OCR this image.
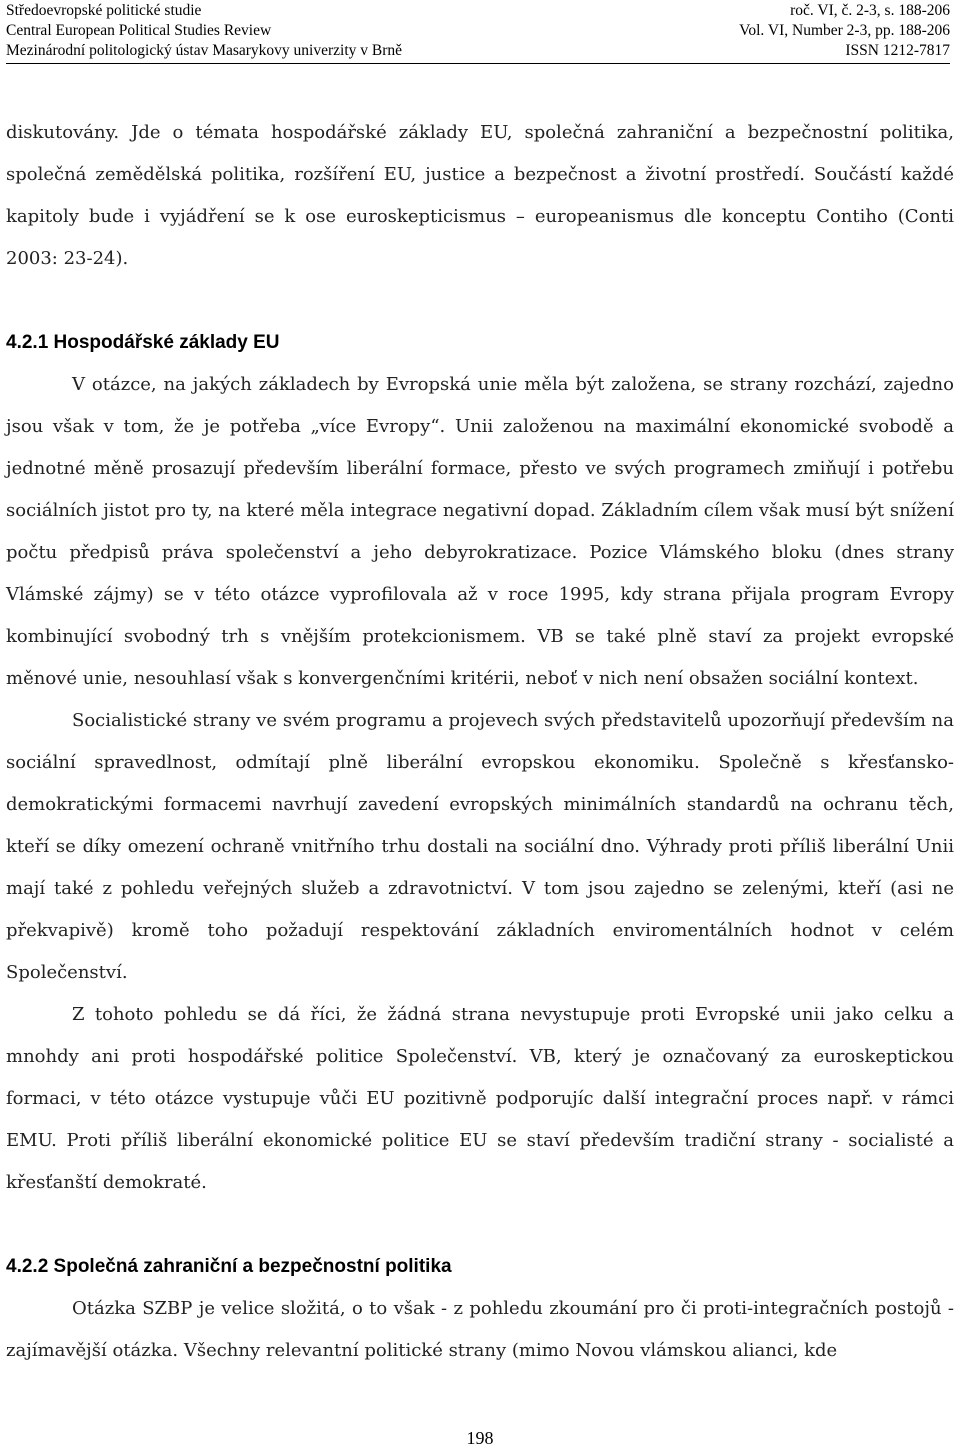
Středoevropské politické studie
Central European Political Studies Review
Mezinárodní politologický ústav Masarykovy univerzity v Brně
roč. VI, č. 2-3, s. 188-206
Vol. VI, Number 2-3, pp. 188-206
ISSN 1212-7817

diskutovány. Jde o témata hospodářské základy EU, společná zahraniční a bezpečnostní politika, společná zemědělská politika, rozšíření EU, justice a bezpečnost a životní prostředí. Součástí každé kapitoly bude i vyjádření se k ose euroskepticismus – europeanismus dle konceptu Contiho (Conti 2003: 23-24).

4.2.1 Hospodářské základy EU

V otázce, na jakých základech by Evropská unie měla být založena, se strany rozchází, zajedno jsou však v tom, že je potřeba „více Evropy“. Unii založenou na maximální ekonomické svobodě a jednotné měně prosazují především liberální formace, přesto ve svých programech zmiňují i potřebu sociálních jistot pro ty, na které měla integrace negativní dopad. Základním cílem však musí být snížení počtu předpisů práva společenství a jeho debyrokratizace. Pozice Vlámského bloku (dnes strany Vlámské zájmy) se v této otázce vyprofilovala až v roce 1995, kdy strana přijala program Evropy kombinující svobodný trh s vnějším protekcionismem. VB se také plně staví za projekt evropské měnové unie, nesouhlasí však s konvergenčními kritérii, neboť v nich není obsažen sociální kontext.

Socialistické strany ve svém programu a projevech svých představitelů upozorňují především na sociální spravedlnost, odmítají plně liberální evropskou ekonomiku. Společně s křesťansko-demokratickými formacemi navrhují zavedení evropských minimálních standardů na ochranu těch, kteří se díky omezení ochraně vnitřního trhu dostali na sociální dno. Výhrady proti příliš liberální Unii mají také z pohledu veřejných služeb a zdravotnictví. V tom jsou zajedno se zelenými, kteří (asi ne překvapivě) kromě toho požadují respektování základních enviromentálních hodnot v celém Společenství.

Z tohoto pohledu se dá říci, že žádná strana nevystupuje proti Evropské unii jako celku a mnohdy ani proti hospodářské politice Společenství. VB, který je označovaný za euroskeptickou formaci, v této otázce vystupuje vůči EU pozitivně podporujíc další integrační proces např. v rámci EMU. Proti příliš liberální ekonomické politice EU se staví především tradiční strany - socialisté a křesťanští demokraté.

4.2.2 Společná zahraniční a bezpečnostní politika

Otázka SZBP je velice složitá, o to však - z pohledu zkoumání pro či proti-integračních postojů - zajímavější otázka. Všechny relevantní politické strany (mimo Novou vlámskou alianci, kde

198
